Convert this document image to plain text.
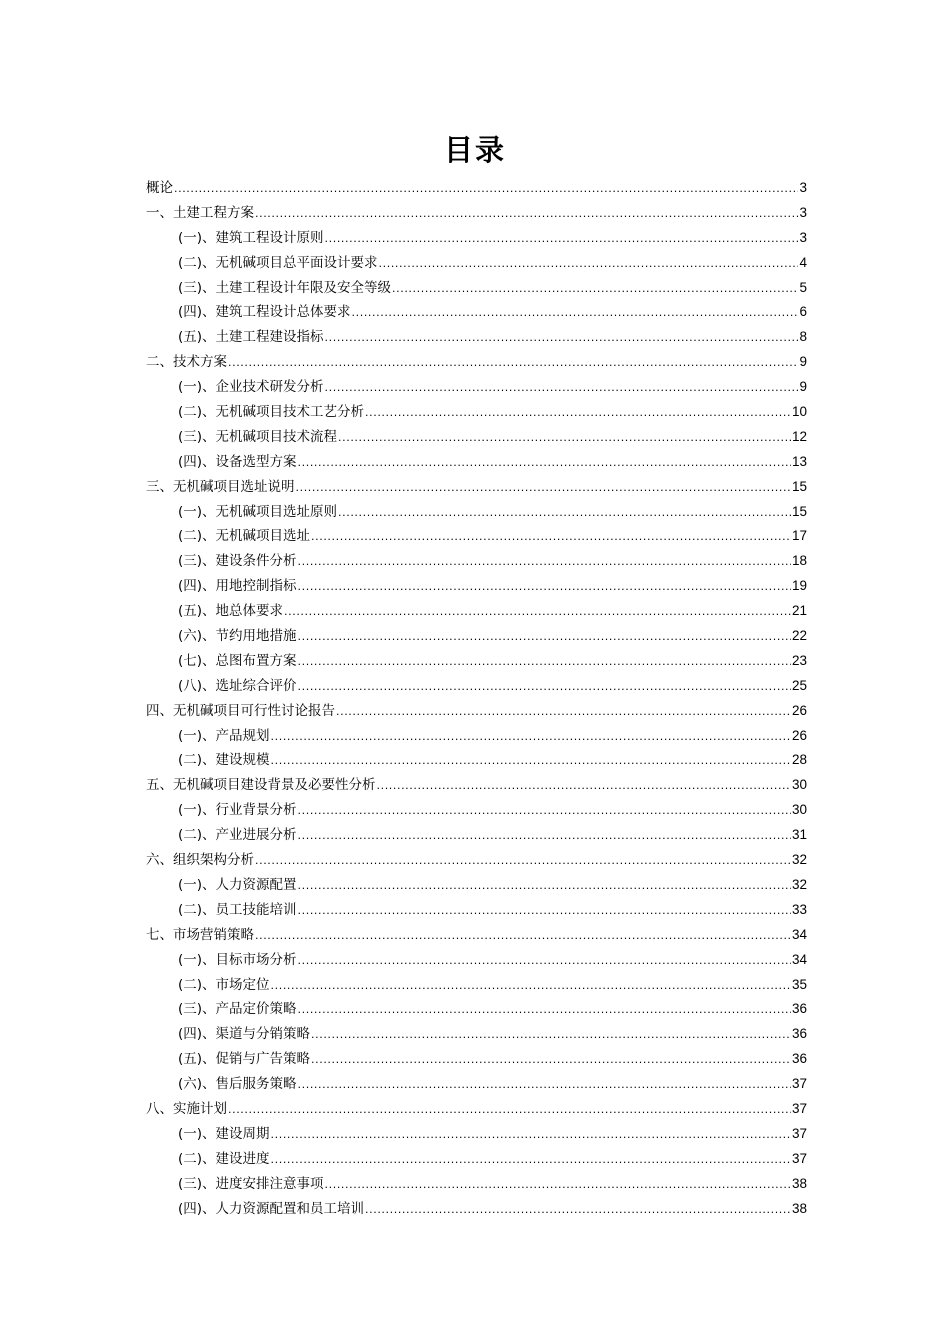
目录
概论 .....	3
一、土建工程方案 .....	3
(一)、建筑工程设计原则 .....	3
(二)、无机碱项目总平面设计要求 .....	4
(三)、土建工程设计年限及安全等级 .....	5
(四)、建筑工程设计总体要求 .....	6
(五)、土建工程建设指标 .....	8
二、技术方案 .....	9
(一)、企业技术研发分析 .....	9
(二)、无机碱项目技术工艺分析 .....	10
(三)、无机碱项目技术流程 .....	12
(四)、设备选型方案 .....	13
三、无机碱项目选址说明 .....	15
(一)、无机碱项目选址原则 .....	15
(二)、无机碱项目选址 .....	17
(三)、建设条件分析 .....	18
(四)、用地控制指标 .....	19
(五)、地总体要求 .....	21
(六)、节约用地措施 .....	22
(七)、总图布置方案 .....	23
(八)、选址综合评价 .....	25
四、无机碱项目可行性讨论报告 .....	26
(一)、产品规划 .....	26
(二)、建设规模 .....	28
五、无机碱项目建设背景及必要性分析 .....	30
(一)、行业背景分析 .....	30
(二)、产业进展分析 .....	31
六、组织架构分析 .....	32
(一)、人力资源配置 .....	32
(二)、员工技能培训 .....	33
七、市场营销策略 .....	34
(一)、目标市场分析 .....	34
(二)、市场定位 .....	35
(三)、产品定价策略 .....	36
(四)、渠道与分销策略 .....	36
(五)、促销与广告策略 .....	36
(六)、售后服务策略 .....	37
八、实施计划 .....	37
(一)、建设周期 .....	37
(二)、建设进度 .....	37
(三)、进度安排注意事项 .....	38
(四)、人力资源配置和员工培训 .....	38
